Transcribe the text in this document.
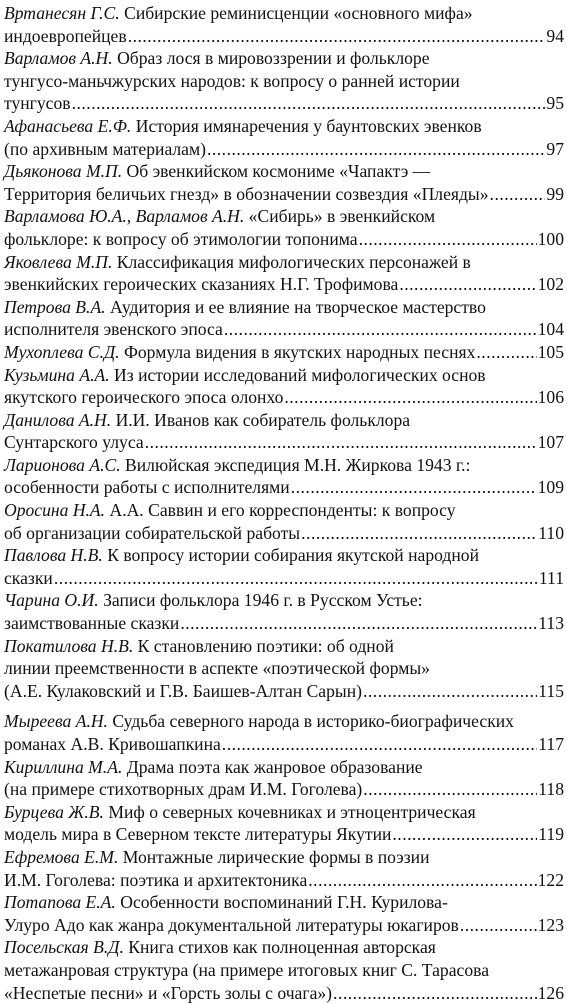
Вртанесян Г.С. Сибирские реминисценции «основного мифа»
индоевропейцев .....	94
Варламов А.Н. Образ лося в мировоззрении и фольклоре
тунгусо-маньчжурских народов: к вопросу о ранней истории
тунгусов .....	95
Афанасьева Е.Ф. История имянаречения у баунтовских эвенков
(по архивным материалам) .....	97
Дьяконова М.П. Об эвенкийском космониме «Чапактэ —
Территория беличьих гнезд» в обозначении созвездия «Плеяды» .....	99
Варламова Ю.А., Варламов А.Н. «Сибирь» в эвенкийском
фольклоре: к вопросу об этимологии топонима .....	100
Яковлева М.П. Классификация мифологических персонажей в
эвенкийских героических сказаниях Н.Г. Трофимова .....	102
Петрова В.А. Аудитория и ее влияние на творческое мастерство
исполнителя эвенского эпоса .....	104
Мухоплева С.Д. Формула видения в якутских народных песнях .....	105
Кузьмина А.А. Из истории исследований мифологических основ
якутского героического эпоса олонхо .....	106
Данилова А.Н. И.И. Иванов как собиратель фольклора
Сунтарского улуса .....	107
Ларионова А.С. Вилюйская экспедиция М.Н. Жиркова 1943 г.:
особенности работы с исполнителями .....	109
Оросина Н.А. А.А. Саввин и его корреспонденты: к вопросу
об организации собирательской работы .....	110
Павлова Н.В. К вопросу истории собирания якутской народной
сказки .....	111
Чарина О.И. Записи фольклора 1946 г. в Русском Устье:
заимствованные сказки .....	113
Покатилова Н.В. К становлению поэтики: об одной
линии преемственности в аспекте «поэтической формы»
(А.Е. Кулаковский и Г.В. Баишев-Алтан Сарын) .....	115
Мыреева А.Н. Судьба северного народа в историко-биографических
романах А.В. Кривошапкина .....	117
Кириллина М.А. Драма поэта как жанровое образование
(на примере стихотворных драм И.М. Гоголева) .....	118
Бурцева Ж.В. Миф о северных кочевниках и этноцентрическая
модель мира в Северном тексте литературы Якутии .....	119
Ефремова Е.М. Монтажные лирические формы в поэзии
И.М. Гоголева: поэтика и архитектоника .....	122
Потапова Е.А. Особенности воспоминаний Г.Н. Курилова-
Улуро Адо как жанра документальной литературы юкагиров .....	123
Посельская В.Д. Книга стихов как полноценная авторская
метажанровая структура (на примере итоговых книг С. Тарасова
«Неспетые песни» и «Горсть золы с очага») .....	126
